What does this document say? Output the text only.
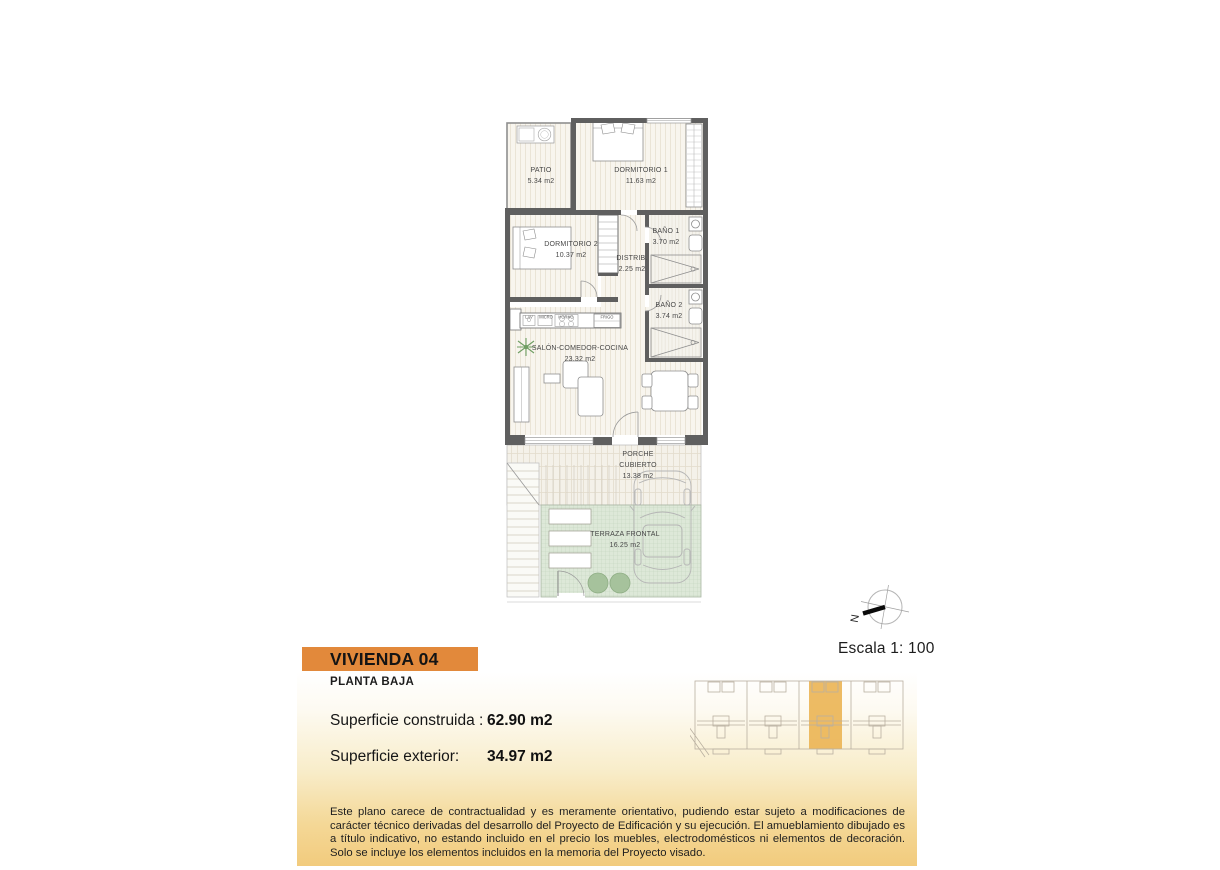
PATIO
5.34 m2
DORMITORIO 1
11.63 m2
BAÑO 1
3.70 m2
DORMITORIO 2
10.37 m2	DISTRIB.
2.25 m2
BAÑO 2
3.74 m2
SALÓN-COMEDOR-COCINA
23.32 m2
PORCHE CUBIERTO
13.38 m2
TERRAZA FRONTAL
16.25 m2
LAV MICRO HORNO	FRIGO
N
Escala 1: 100
VIVIENDA 04
PLANTA BAJA
Superficie construida : 62.90 m2
Superficie exterior: 34.97 m2
Este plano carece de contractualidad y es meramente orientativo, pudiendo estar sujeto a modificaciones de carácter técnico derivadas del desarrollo del Proyecto de Edificación y su ejecución. El amueblamiento dibujado es a título indicativo, no estando incluido en el precio los muebles, electrodomésticos ni elementos de decoración. Solo se incluye los elementos incluidos en la memoria del Proyecto visado.
